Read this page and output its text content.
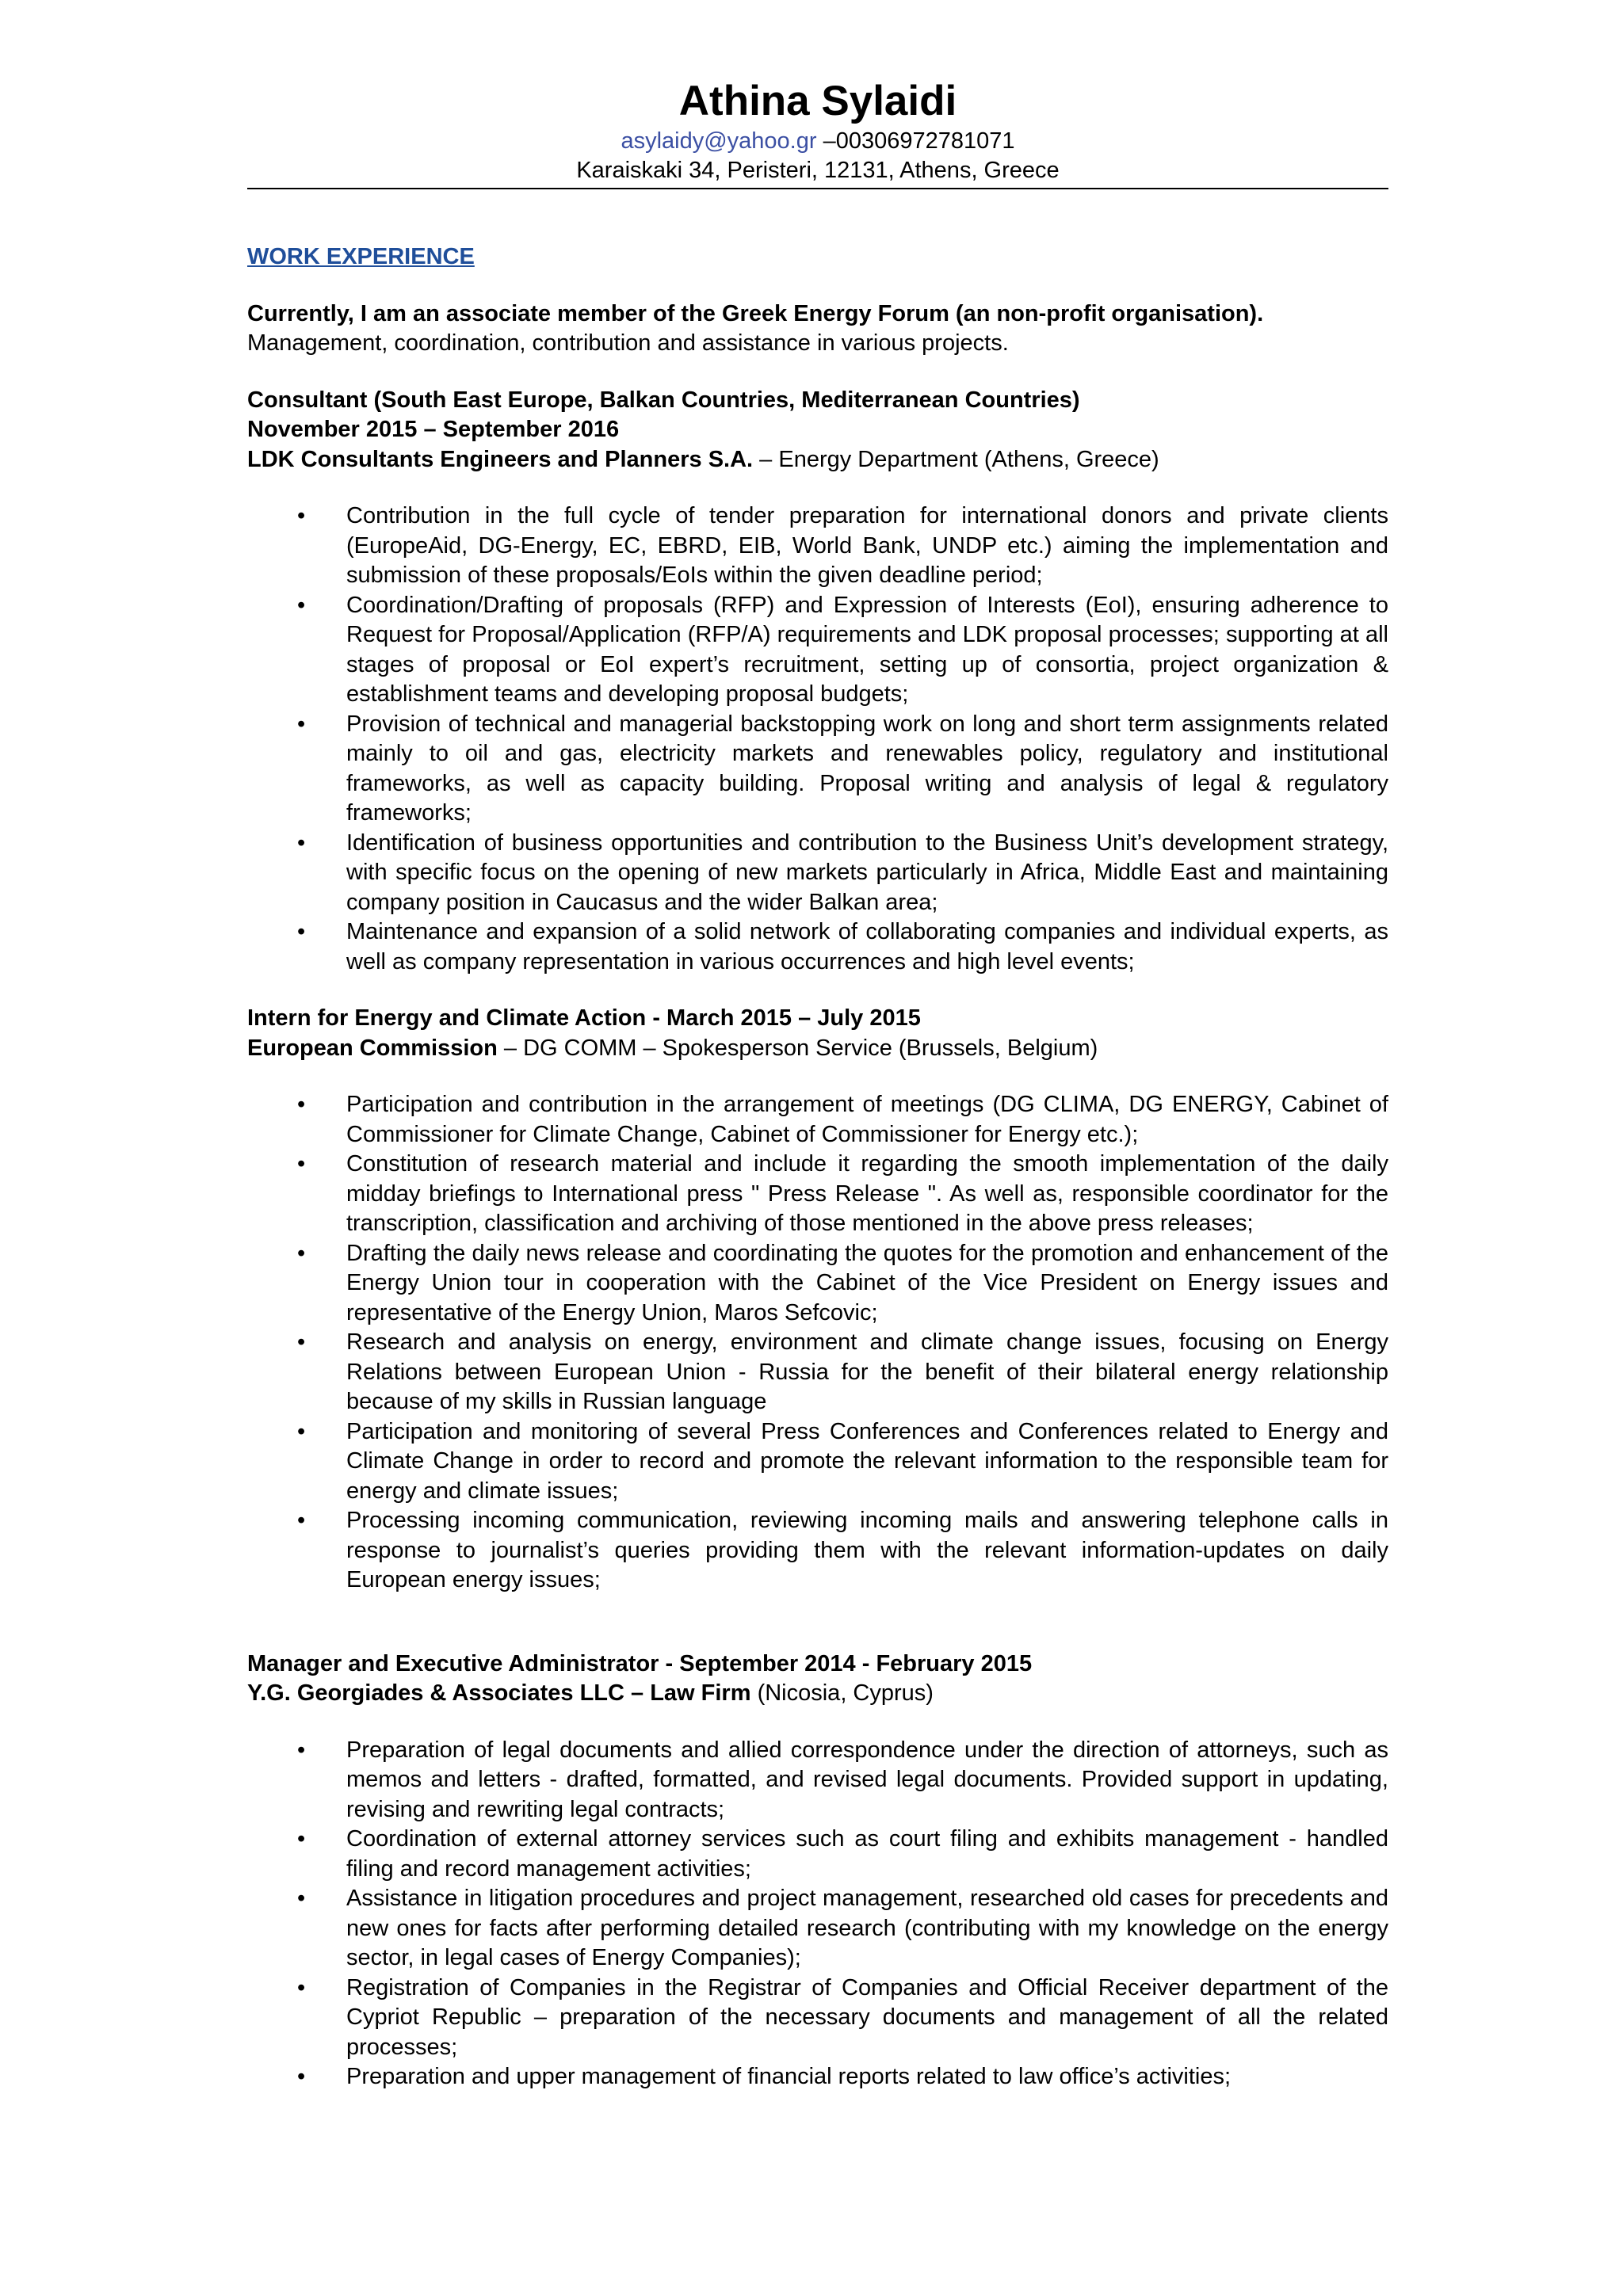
Athina Sylaidi
asylaidy@yahoo.gr –00306972781071
Karaiskaki 34, Peristeri, 12131, Athens, Greece
WORK EXPERIENCE
Currently, I am an associate member of the Greek Energy Forum (an non-profit organisation).
Management, coordination, contribution and assistance in various projects.
Consultant (South East Europe, Balkan Countries, Mediterranean Countries)
November 2015 – September 2016
LDK Consultants Engineers and Planners S.A. – Energy Department (Athens, Greece)
•	Contribution in the full cycle of tender preparation for international donors and private clients (EuropeAid, DG-Energy, EC, EBRD, EIB, World Bank, UNDP etc.) aiming the implementation and submission of these proposals/EoIs within the given deadline period;
•	Coordination/Drafting of proposals (RFP) and Expression of Interests (EoI), ensuring adherence to Request for Proposal/Application (RFP/A) requirements and LDK proposal processes; supporting at all stages of proposal or EoI expert’s recruitment, setting up of consortia, project organization & establishment teams and developing proposal budgets;
•	Provision of technical and managerial backstopping work on long and short term assignments related mainly to oil and gas, electricity markets and renewables policy, regulatory and institutional frameworks, as well as capacity building. Proposal writing and analysis of legal & regulatory frameworks;
•	Identification of business opportunities and contribution to the Business Unit’s development strategy, with specific focus on the opening of new markets particularly in Africa, Middle East and maintaining company position in Caucasus and the wider Balkan area;
•	Maintenance and expansion of a solid network of collaborating companies and individual experts, as well as company representation in various occurrences and high level events;
Intern for Energy and Climate Action - March 2015 – July 2015
European Commission – DG COMM – Spokesperson Service (Brussels, Belgium)
•	Participation and contribution in the arrangement of meetings (DG CLIMA, DG ENERGY, Cabinet of Commissioner for Climate Change, Cabinet of Commissioner for Energy etc.);
•	Constitution of research material and include it regarding the smooth implementation of the daily midday briefings to International press " Press Release ". As well as, responsible coordinator for the transcription, classification and archiving of those mentioned in the above press releases;
•	Drafting the daily news release and coordinating the quotes for the promotion and enhancement of the Energy Union tour in cooperation with the Cabinet of the Vice President on Energy issues and representative of the Energy Union, Maros Sefcovic;
•	Research and analysis on energy, environment and climate change issues, focusing on Energy Relations between European Union - Russia for the benefit of their bilateral energy relationship because of my skills in Russian language
•	Participation and monitoring of several Press Conferences and Conferences related to Energy and Climate Change in order to record and promote the relevant information to the responsible team for energy and climate issues;
•	Processing incoming communication, reviewing incoming mails and answering telephone calls in response to journalist’s queries providing them with the relevant information-updates on daily European energy issues;
Manager and Executive Administrator - September 2014 - February 2015
Y.G. Georgiades & Associates LLC – Law Firm (Nicosia, Cyprus)
•	Preparation of legal documents and allied correspondence under the direction of attorneys, such as memos and letters - drafted, formatted, and revised legal documents. Provided support in updating, revising and rewriting legal contracts;
•	Coordination of external attorney services such as court filing and exhibits management - handled filing and record management activities;
•	Assistance in litigation procedures and project management, researched old cases for precedents and new ones for facts after performing detailed research (contributing with my knowledge on the energy sector, in legal cases of Energy Companies);
•	Registration of Companies in the Registrar of Companies and Official Receiver department of the Cypriot Republic – preparation of the necessary documents and management of all the related processes;
•	Preparation and upper management of financial reports related to law office’s activities;
